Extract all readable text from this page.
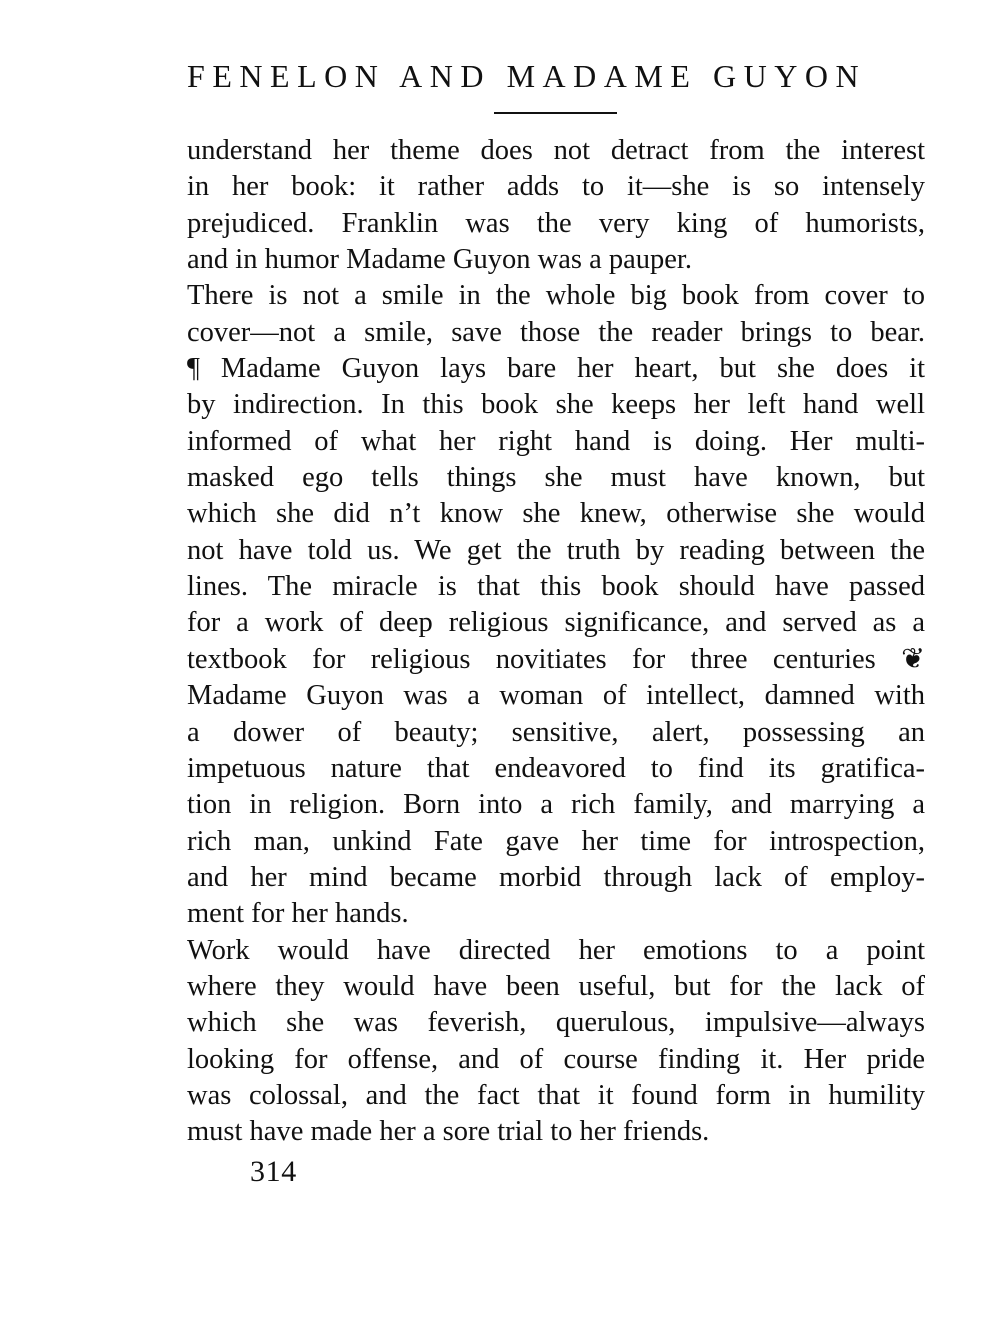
FENELON AND MADAME GUYON
understand her theme does not detract from the interest
in her book: it rather adds to it—she is so intensely
prejudiced. Franklin was the very king of humorists,
and in humor Madame Guyon was a pauper.
There is not a smile in the whole big book from cover to
cover—not a smile, save those the reader brings to bear.
¶ Madame Guyon lays bare her heart, but she does it
by indirection. In this book she keeps her left hand well
informed of what her right hand is doing. Her multi-
masked ego tells things she must have known, but
which she did n’t know she knew, otherwise she would
not have told us. We get the truth by reading between the
lines. The miracle is that this book should have passed
for a work of deep religious significance, and served as a
textbook for religious novitiates for three centuries ❦
Madame Guyon was a woman of intellect, damned with
a dower of beauty; sensitive, alert, possessing an
impetuous nature that endeavored to find its gratifica-
tion in religion. Born into a rich family, and marrying a
rich man, unkind Fate gave her time for introspection,
and her mind became morbid through lack of employ-
ment for her hands.
Work would have directed her emotions to a point
where they would have been useful, but for the lack of
which she was feverish, querulous, impulsive—always
looking for offense, and of course finding it. Her pride
was colossal, and the fact that it found form in humility
must have made her a sore trial to her friends.
314
